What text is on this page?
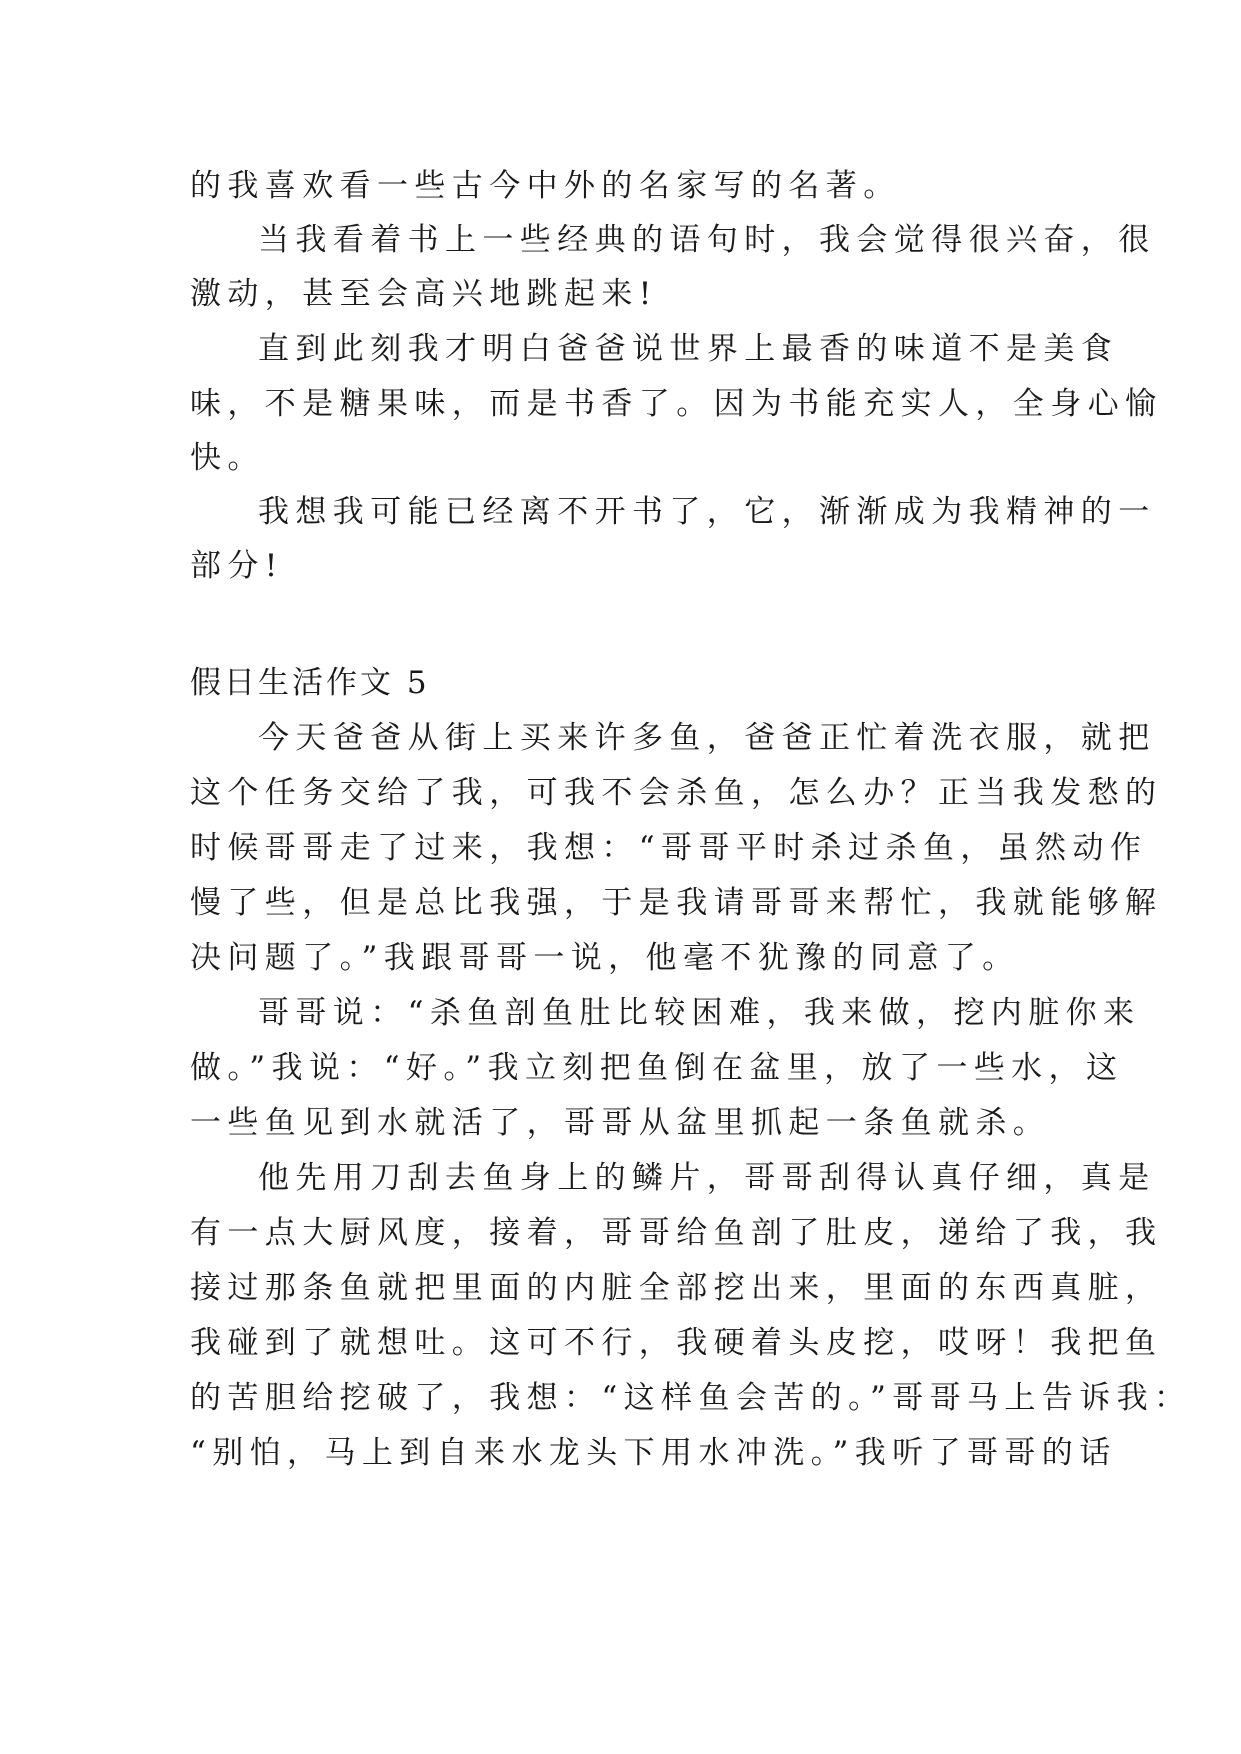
的我喜欢看一些古今中外的名家写的名著。
当我看着书上一些经典的语句时，我会觉得很兴奋，很
激动，甚至会高兴地跳起来!
直到此刻我才明白爸爸说世界上最香的味道不是美食
味，不是糖果味，而是书香了。因为书能充实人，全身心愉
快。
我想我可能已经离不开书了，它，渐渐成为我精神的一
部分!
假日生活作文 5
今天爸爸从街上买来许多鱼，爸爸正忙着洗衣服，就把
这个任务交给了我，可我不会杀鱼，怎么办？正当我发愁的
时候哥哥走了过来，我想：“哥哥平时杀过杀鱼，虽然动作
慢了些，但是总比我强，于是我请哥哥来帮忙，我就能够解
决问题了。”我跟哥哥一说，他毫不犹豫的同意了。
哥哥说：“杀鱼剖鱼肚比较困难，我来做，挖内脏你来
做。”我说：“好。”我立刻把鱼倒在盆里，放了一些水，这
一些鱼见到水就活了，哥哥从盆里抓起一条鱼就杀。
他先用刀刮去鱼身上的鳞片，哥哥刮得认真仔细，真是
有一点大厨风度，接着，哥哥给鱼剖了肚皮，递给了我，我
接过那条鱼就把里面的内脏全部挖出来，里面的东西真脏，
我碰到了就想吐。这可不行，我硬着头皮挖，哎呀！我把鱼
的苦胆给挖破了，我想：“这样鱼会苦的。”哥哥马上告诉我：
“别怕，马上到自来水龙头下用水冲洗。”我听了哥哥的话
